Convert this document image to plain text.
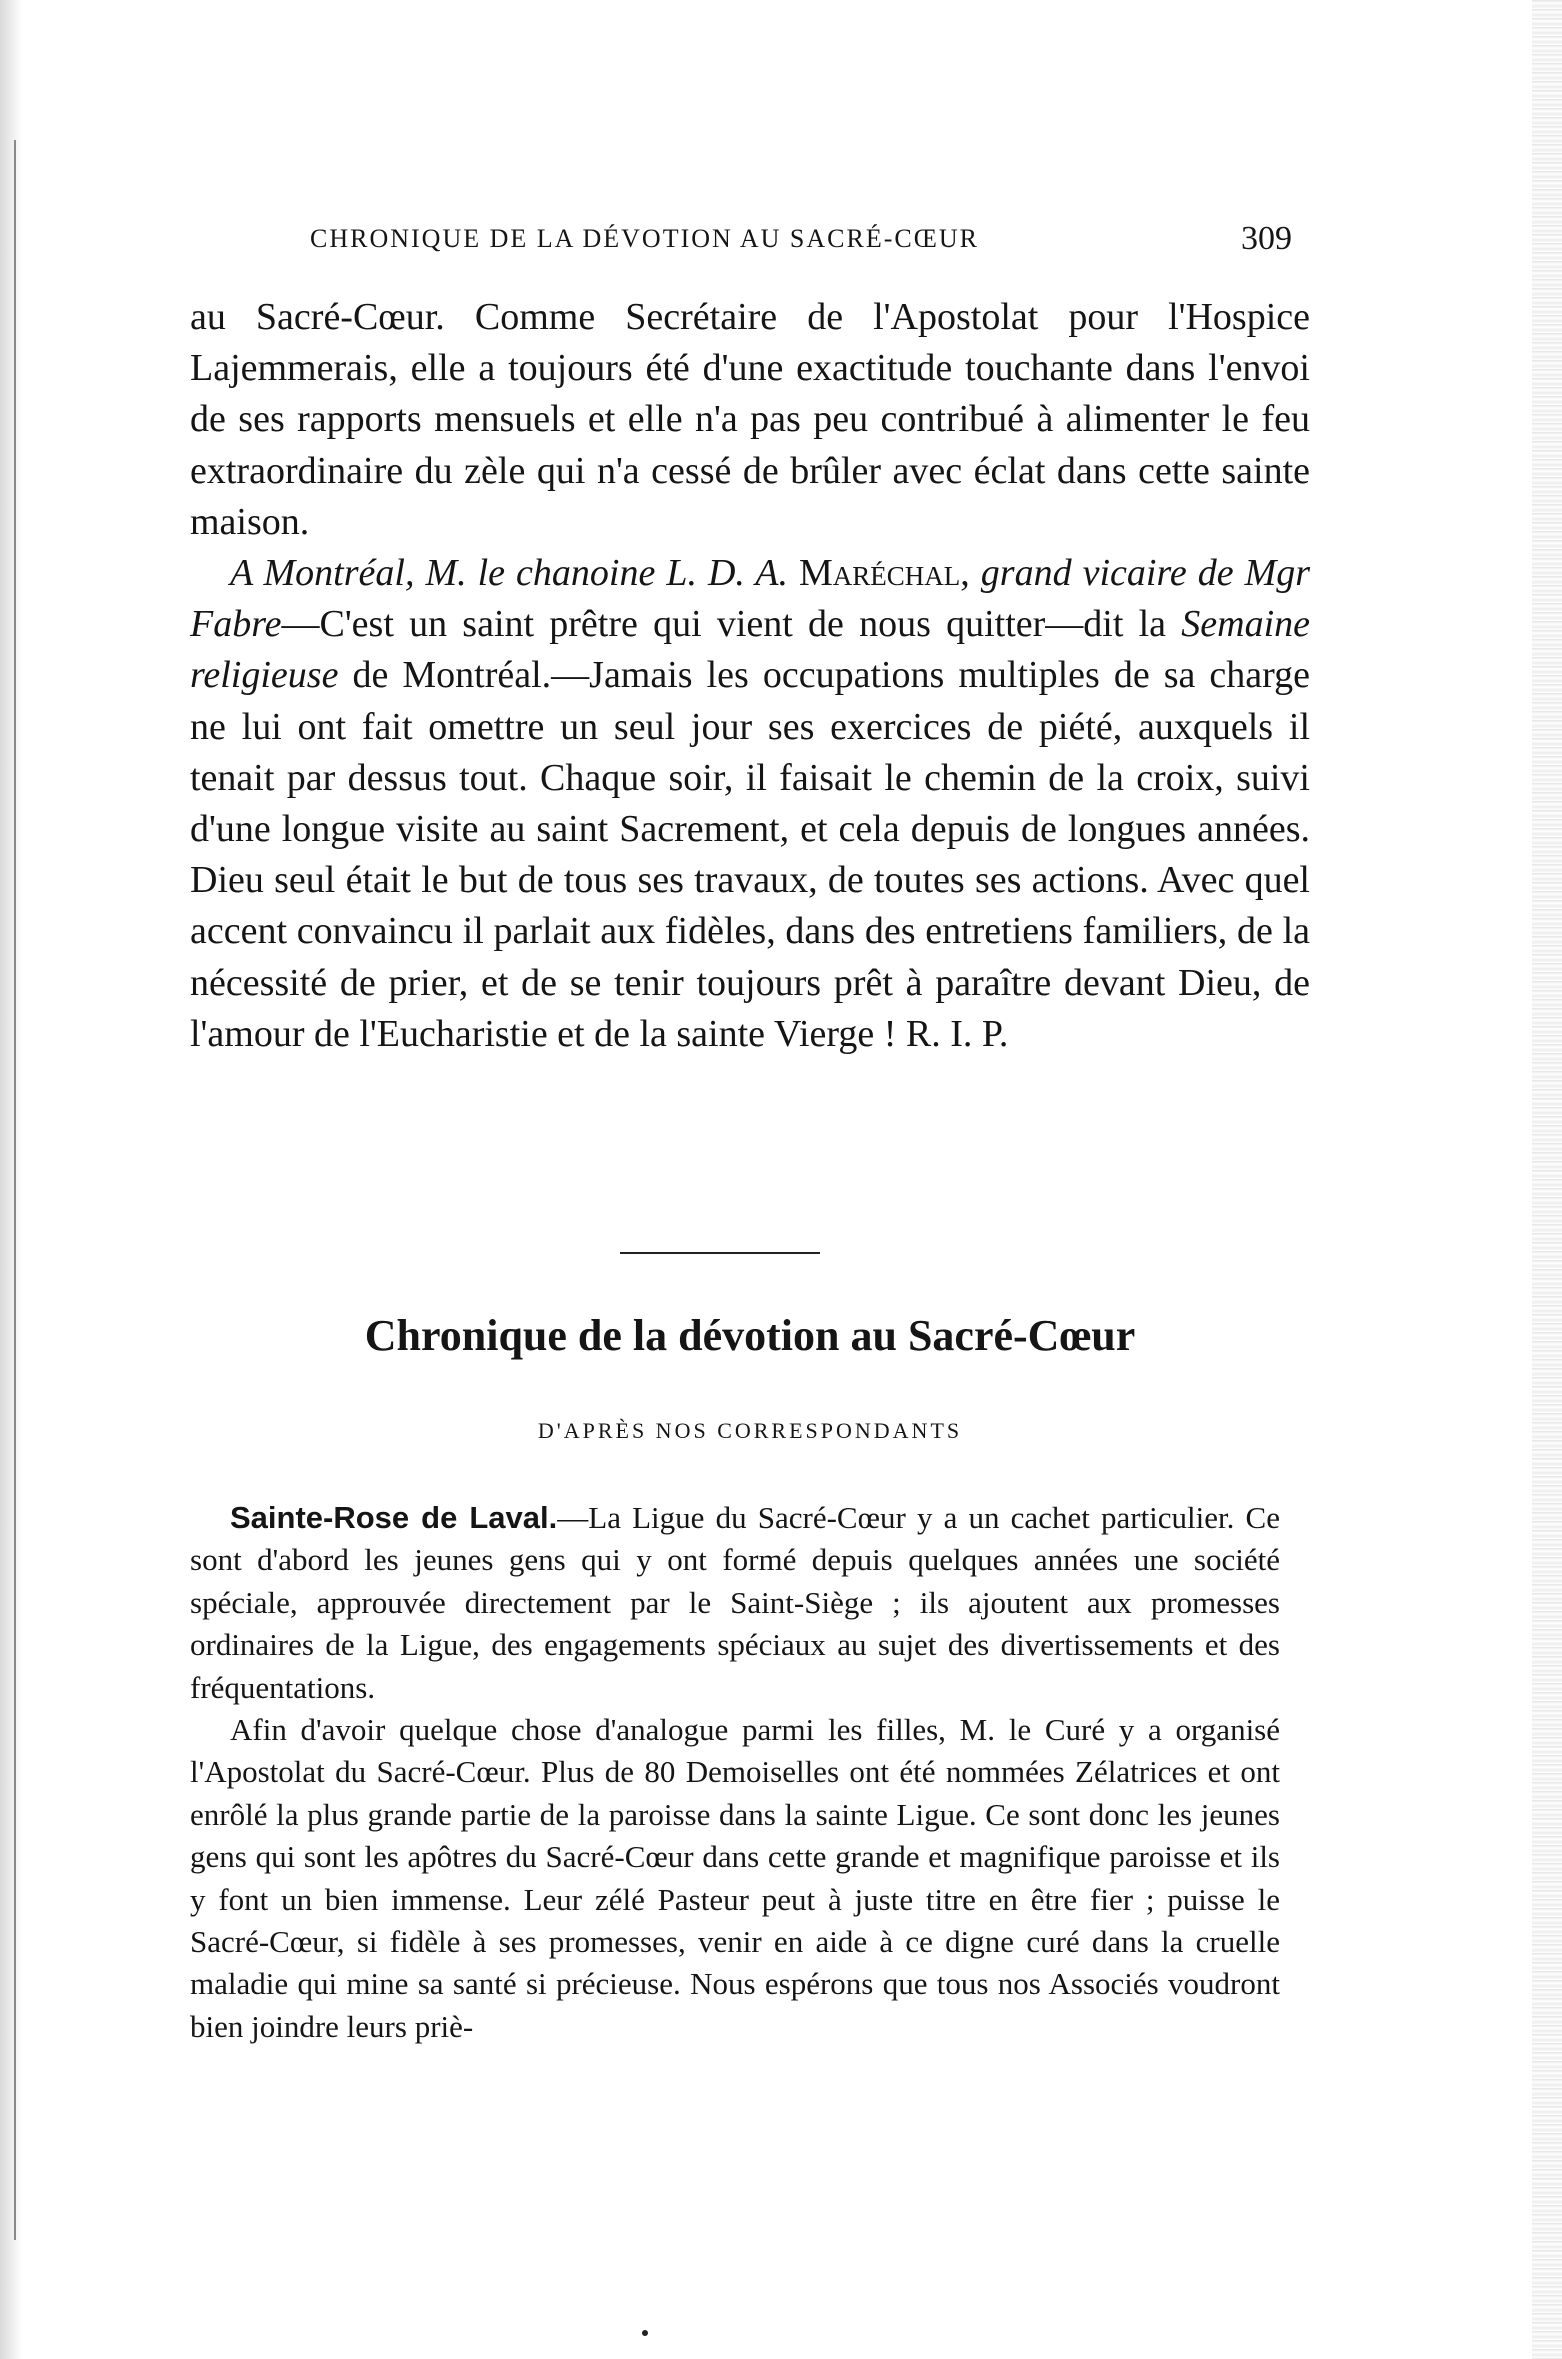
CHRONIQUE DE LA DÉVOTION AU SACRÉ-CŒUR	309

au Sacré-Cœur. Comme Secrétaire de l'Apostolat pour l'Hospice Lajemmerais, elle a toujours été d'une exactitude touchante dans l'envoi de ses rapports mensuels et elle n'a pas peu contribué à alimenter le feu extraordinaire du zèle qui n'a cessé de brûler avec éclat dans cette sainte maison.

A Montréal, M. le chanoine L. D. A. Maréchal, grand vicaire de Mgr Fabre—C'est un saint prêtre qui vient de nous quitter—dit la Semaine religieuse de Montréal.—Jamais les occupations multiples de sa charge ne lui ont fait omettre un seul jour ses exercices de piété, auxquels il tenait par dessus tout. Chaque soir, il faisait le chemin de la croix, suivi d'une longue visite au saint Sacrement, et cela depuis de longues années. Dieu seul était le but de tous ses travaux, de toutes ses actions. Avec quel accent convaincu il parlait aux fidèles, dans des entretiens familiers, de la nécessité de prier, et de se tenir toujours prêt à paraître devant Dieu, de l'amour de l'Eucharistie et de la sainte Vierge ! R. I. P.

Chronique de la dévotion au Sacré-Cœur
D'APRÈS NOS CORRESPONDANTS

Sainte-Rose de Laval.—La Ligue du Sacré-Cœur y a un cachet particulier. Ce sont d'abord les jeunes gens qui y ont formé depuis quelques années une société spéciale, approuvée directement par le Saint-Siège ; ils ajoutent aux promesses ordinaires de la Ligue, des engagements spéciaux au sujet des divertissements et des fréquentations.

Afin d'avoir quelque chose d'analogue parmi les filles, M. le Curé y a organisé l'Apostolat du Sacré-Cœur. Plus de 80 Demoiselles ont été nommées Zélatrices et ont enrôlé la plus grande partie de la paroisse dans la sainte Ligue. Ce sont donc les jeunes gens qui sont les apôtres du Sacré-Cœur dans cette grande et magnifique paroisse et ils y font un bien immense. Leur zélé Pasteur peut à juste titre en être fier ; puisse le Sacré-Cœur, si fidèle à ses promesses, venir en aide à ce digne curé dans la cruelle maladie qui mine sa santé si précieuse. Nous espérons que tous nos Associés voudront bien joindre leurs priè-
